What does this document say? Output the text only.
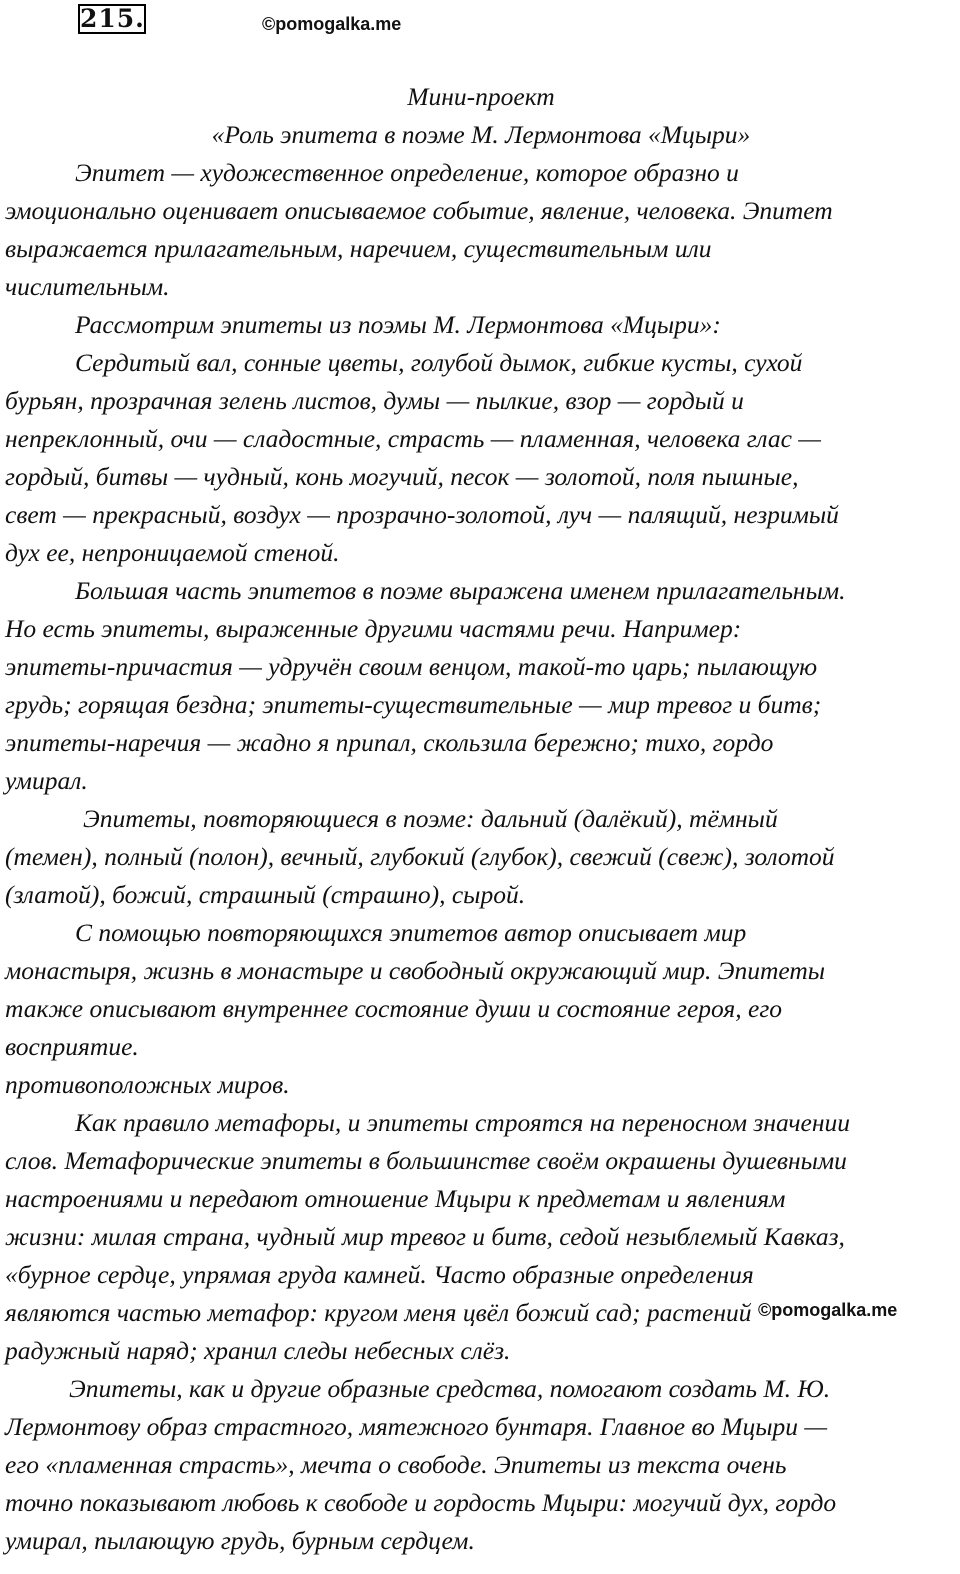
215.	©pomogalka.me
Мини-проект
«Роль эпитета в поэме М. Лермонтова «Мцыри»
Эпитет — художественное определение, которое образно и
эмоционально оценивает описываемое событие, явление, человека. Эпитет
выражается прилагательным, наречием, существительным или
числительным.
Рассмотрим эпитеты из поэмы М. Лермонтова «Мцыри»:
Сердитый вал, сонные цветы, голубой дымок, гибкие кусты, сухой
бурьян, прозрачная зелень листов, думы — пылкие, взор — гордый и
непреклонный, очи — сладостные, страсть — пламенная, человека глас —
гордый, битвы — чудный, конь могучий, песок — золотой, поля пышные,
свет — прекрасный, воздух — прозрачно-золотой, луч — палящий, незримый
дух ее, непроницаемой стеной.
Большая часть эпитетов в поэме выражена именем прилагательным.
Но есть эпитеты, выраженные другими частями речи. Например:
эпитеты-причастия — удручён своим венцом, такой-то царь; пылающую
грудь; горящая бездна; эпитеты-существительные — мир тревог и битв;
эпитеты-наречия — жадно я припал, скользила бережно; тихо, гордо
умирал.
Эпитеты, повторяющиеся в поэме: дальний (далёкий), тёмный
(темен), полный (полон), вечный, глубокий (глубок), свежий (свеж), золотой
(златой), божий, страшный (страшно), сырой.
С помощью повторяющихся эпитетов автор описывает мир
монастыря, жизнь в монастыре и свободный окружающий мир. Эпитеты
также описывают внутреннее состояние души и состояние героя, его
восприятие.
противоположных миров.
Как правило метафоры, и эпитеты строятся на переносном значении
слов. Метафорические эпитеты в большинстве своём окрашены душевными
настроениями и передают отношение Мцыри к предметам и явлениям
жизни: милая страна, чудный мир тревог и битв, седой незыблемый Кавказ,
«бурное сердце, упрямая груда камней. Часто образные определения
являются частью метафор: кругом меня цвёл божий сад; растений
радужный наряд; хранил следы небесных слёз.
Эпитеты, как и другие образные средства, помогают создать М. Ю.
Лермонтову образ страстного, мятежного бунтаря. Главное во Мцыри —
его «пламенная страсть», мечта о свободе. Эпитеты из текста очень
точно показывают любовь к свободе и гордость Мцыри: могучий дух, гордо
умирал, пылающую грудь, бурным сердцем.
©pomogalka.me
